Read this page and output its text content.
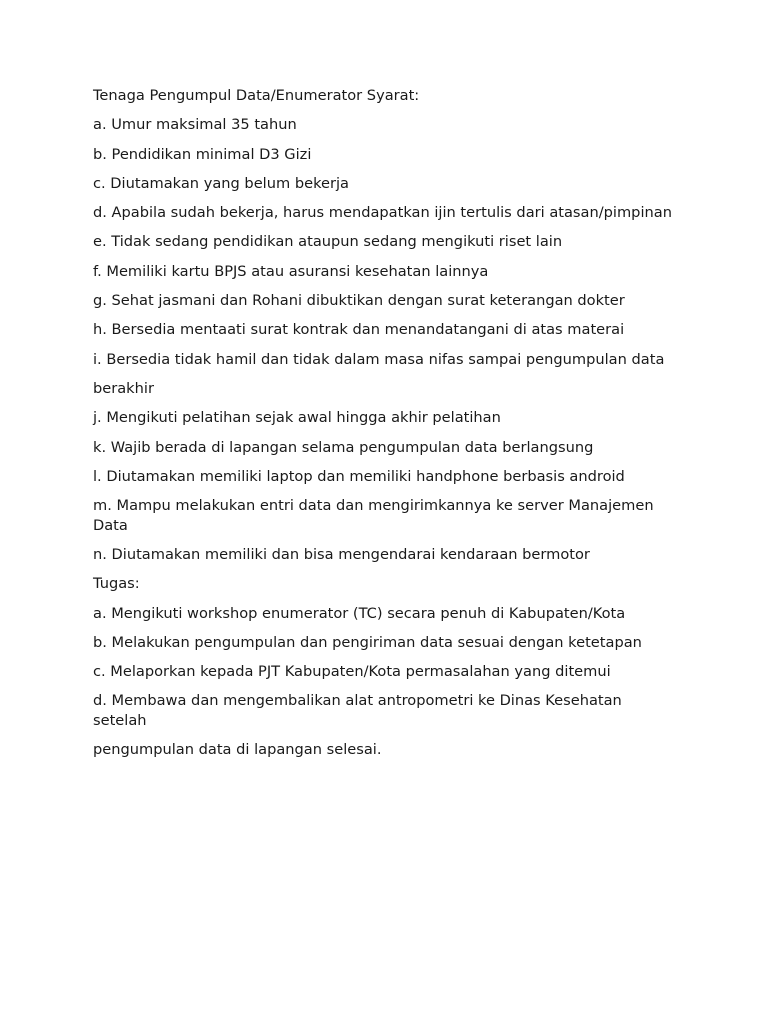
Tenaga Pengumpul Data/Enumerator Syarat:

a. Umur maksimal 35 tahun

b. Pendidikan minimal D3 Gizi

c. Diutamakan yang belum bekerja

d. Apabila sudah bekerja, harus mendapatkan ijin tertulis dari atasan/pimpinan

e. Tidak sedang pendidikan ataupun sedang mengikuti riset lain

f. Memiliki kartu BPJS atau asuransi kesehatan lainnya

g. Sehat jasmani dan Rohani dibuktikan dengan surat keterangan dokter

h. Bersedia mentaati surat kontrak dan menandatangani di atas materai

i. Bersedia tidak hamil dan tidak dalam masa nifas sampai pengumpulan data

berakhir

j. Mengikuti pelatihan sejak awal hingga akhir pelatihan

k. Wajib berada di lapangan selama pengumpulan data berlangsung

l. Diutamakan memiliki laptop dan memiliki handphone berbasis android

m. Mampu melakukan entri data dan mengirimkannya ke server Manajemen Data

n. Diutamakan memiliki dan bisa mengendarai kendaraan bermotor

Tugas:

a. Mengikuti workshop enumerator (TC) secara penuh di Kabupaten/Kota

b. Melakukan pengumpulan dan pengiriman data sesuai dengan ketetapan

c. Melaporkan kepada PJT Kabupaten/Kota permasalahan yang ditemui

d. Membawa dan mengembalikan alat antropometri ke Dinas Kesehatan setelah

pengumpulan data di lapangan selesai.
